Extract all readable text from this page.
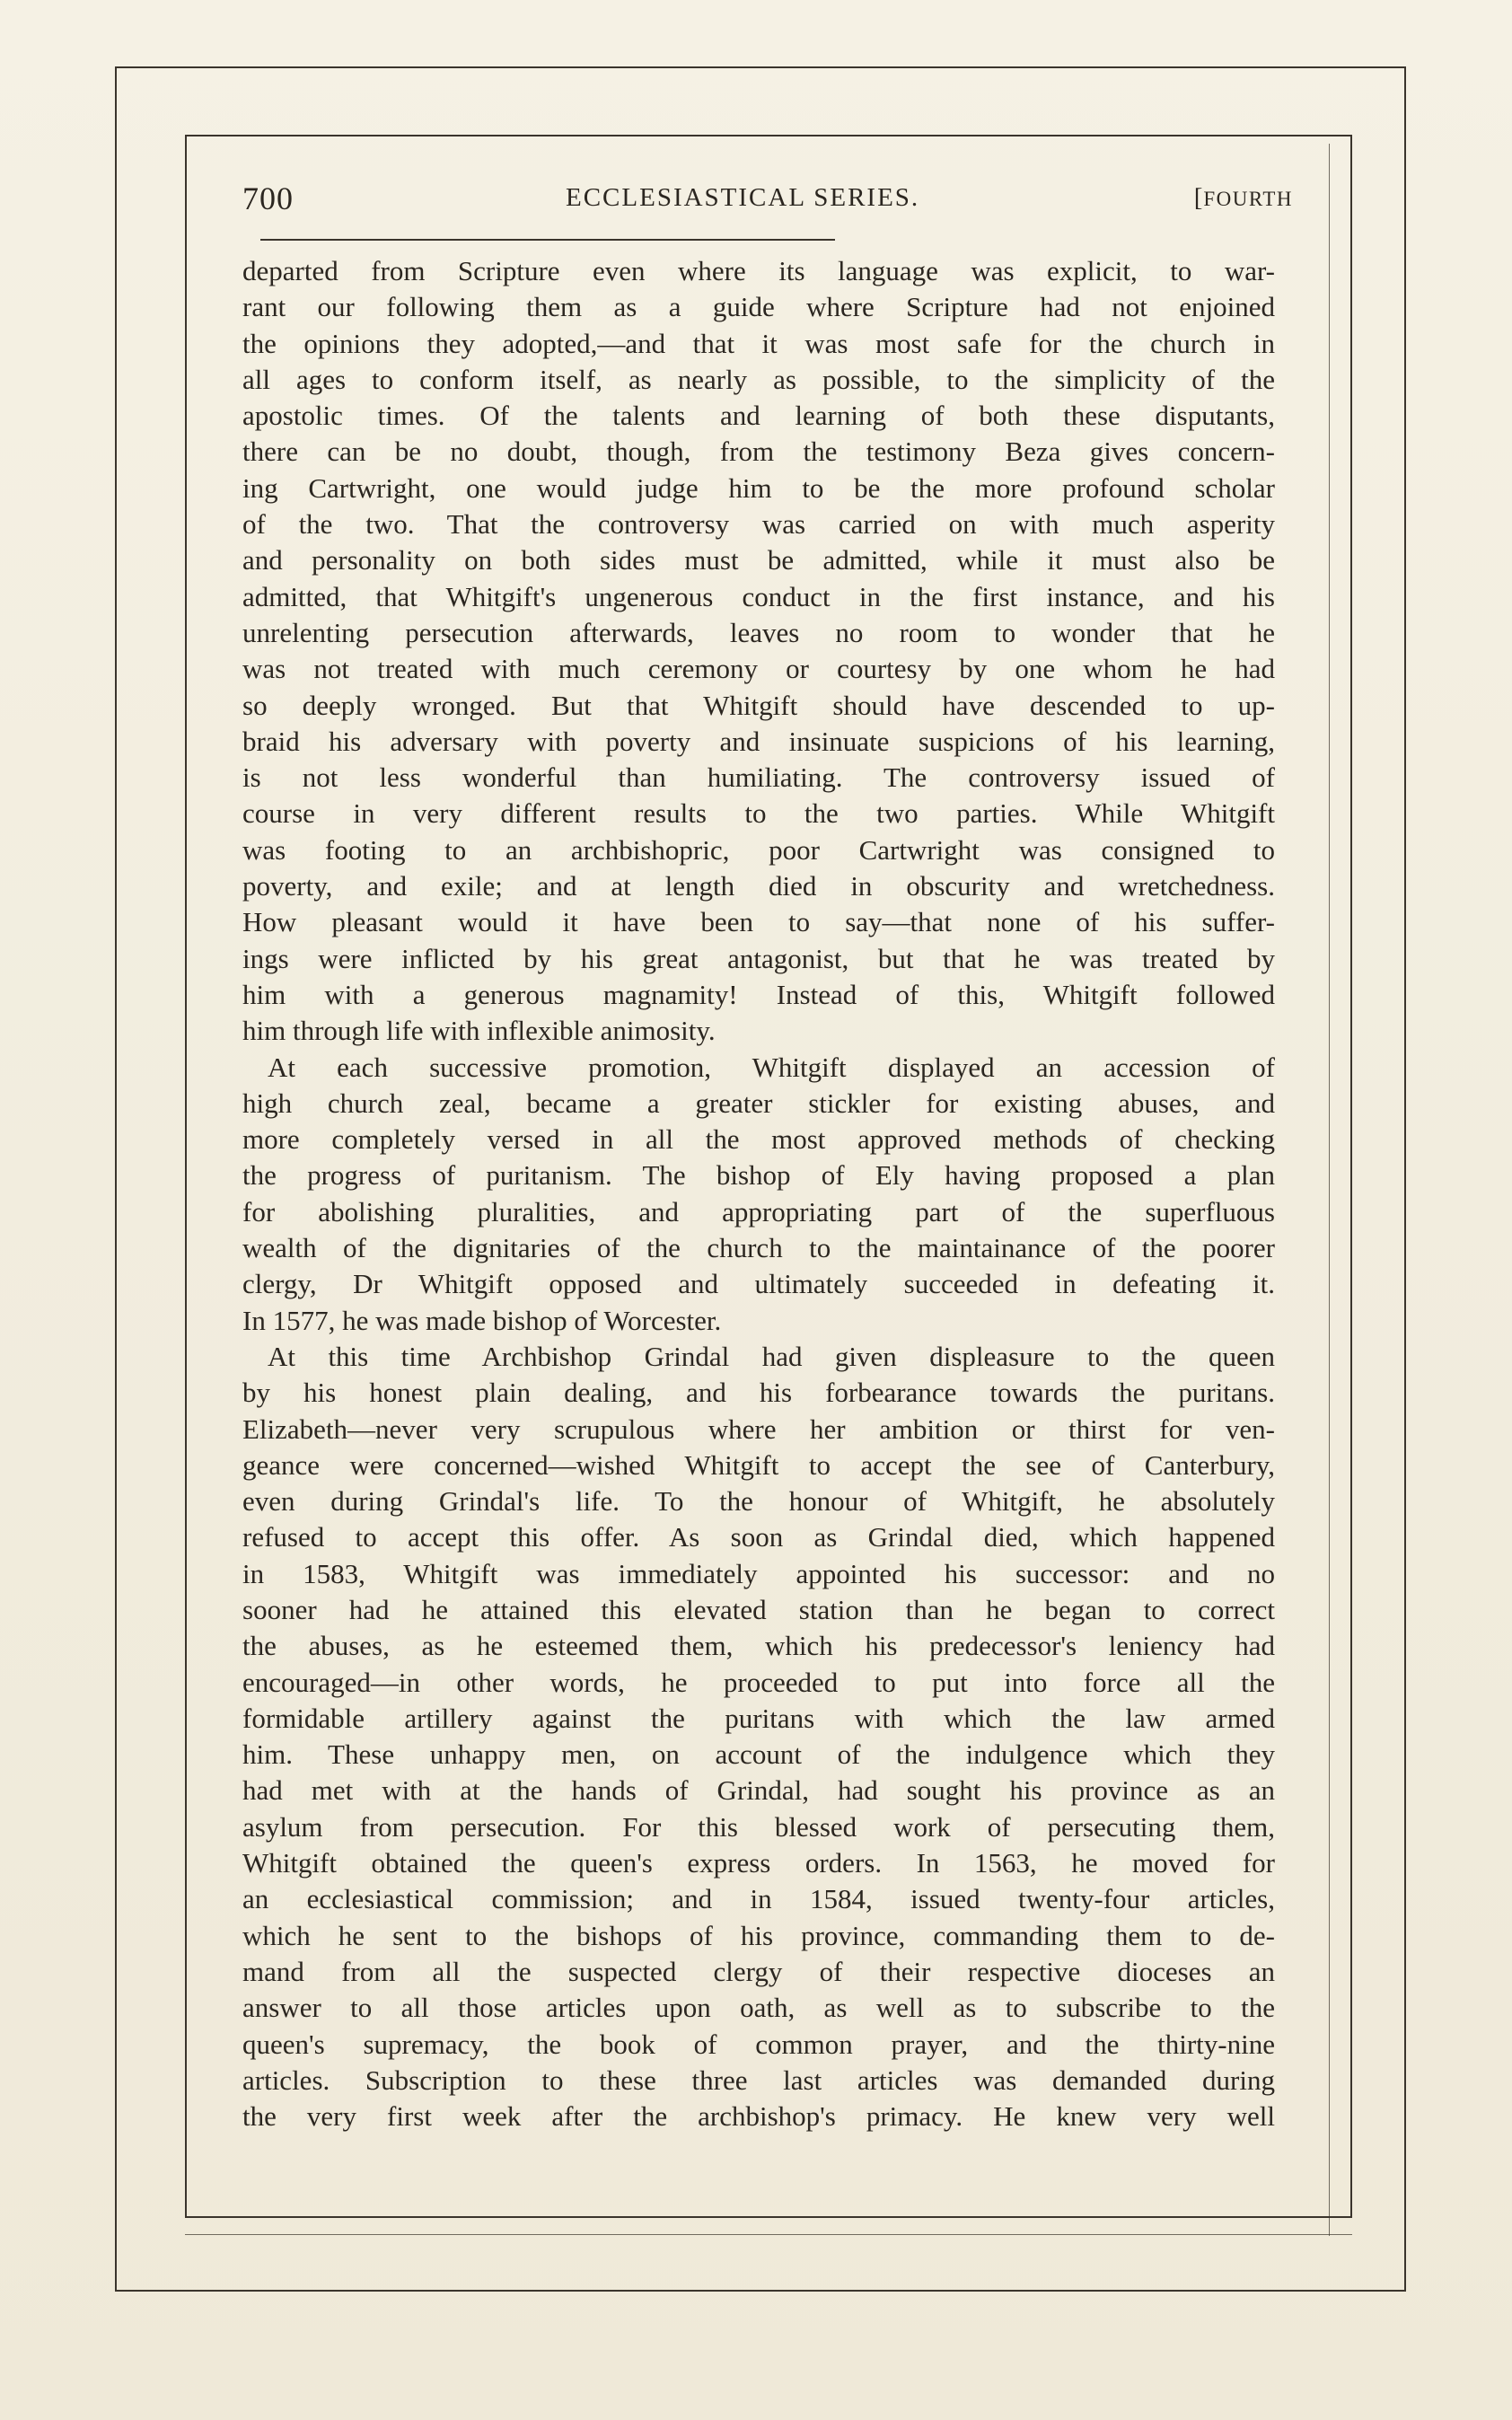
700	ECCLESIASTICAL SERIES.	[FOURTH
departed from Scripture even where its language was explicit, to war-
rant our following them as a guide where Scripture had not enjoined
the opinions they adopted,—and that it was most safe for the church in
all ages to conform itself, as nearly as possible, to the simplicity of the
apostolic times. Of the talents and learning of both these disputants,
there can be no doubt, though, from the testimony Beza gives concern-
ing Cartwright, one would judge him to be the more profound scholar
of the two. That the controversy was carried on with much asperity
and personality on both sides must be admitted, while it must also be
admitted, that Whitgift's ungenerous conduct in the first instance, and his
unrelenting persecution afterwards, leaves no room to wonder that he
was not treated with much ceremony or courtesy by one whom he had
so deeply wronged. But that Whitgift should have descended to up-
braid his adversary with poverty and insinuate suspicions of his learning,
is not less wonderful than humiliating. The controversy issued of
course in very different results to the two parties. While Whitgift
was footing to an archbishopric, poor Cartwright was consigned to
poverty, and exile; and at length died in obscurity and wretchedness.
How pleasant would it have been to say—that none of his suffer-
ings were inflicted by his great antagonist, but that he was treated by
him with a generous magnamity! Instead of this, Whitgift followed
him through life with inflexible animosity.
At each successive promotion, Whitgift displayed an accession of
high church zeal, became a greater stickler for existing abuses, and
more completely versed in all the most approved methods of checking
the progress of puritanism. The bishop of Ely having proposed a plan
for abolishing pluralities, and appropriating part of the superfluous
wealth of the dignitaries of the church to the maintainance of the poorer
clergy, Dr Whitgift opposed and ultimately succeeded in defeating it.
In 1577, he was made bishop of Worcester.
At this time Archbishop Grindal had given displeasure to the queen
by his honest plain dealing, and his forbearance towards the puritans.
Elizabeth—never very scrupulous where her ambition or thirst for ven-
geance were concerned—wished Whitgift to accept the see of Canterbury,
even during Grindal's life. To the honour of Whitgift, he absolutely
refused to accept this offer. As soon as Grindal died, which happened
in 1583, Whitgift was immediately appointed his successor: and no
sooner had he attained this elevated station than he began to correct
the abuses, as he esteemed them, which his predecessor's leniency had
encouraged—in other words, he proceeded to put into force all the
formidable artillery against the puritans with which the law armed
him. These unhappy men, on account of the indulgence which they
had met with at the hands of Grindal, had sought his province as an
asylum from persecution. For this blessed work of persecuting them,
Whitgift obtained the queen's express orders. In 1563, he moved for
an ecclesiastical commission; and in 1584, issued twenty-four articles,
which he sent to the bishops of his province, commanding them to de-
mand from all the suspected clergy of their respective dioceses an
answer to all those articles upon oath, as well as to subscribe to the
queen's supremacy, the book of common prayer, and the thirty-nine
articles. Subscription to these three last articles was demanded during
the very first week after the archbishop's primacy. He knew very well
